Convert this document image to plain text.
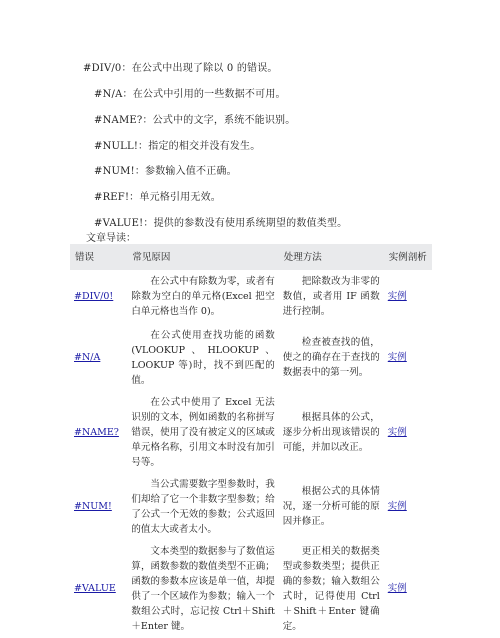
#DIV/0：在公式中出现了除以 0 的错误。
#N/A：在公式中引用的一些数据不可用。
#NAME?：公式中的文字，系统不能识别。
#NULL!：指定的相交并没有发生。
#NUM!：参数输入值不正确。
#REF!：单元格引用无效。
#VALUE!：提供的参数没有使用系统期望的数值类型。
文章导读：
错误	常见原因	处理方法	实例剖析
#DIV/0!	在公式中有除数为零，或者有除数为空白的单元格(Excel 把空白单元格也当作 0)。	把除数改为非零的数值，或者用 IF 函数进行控制。	实例
#N/A	在公式使用查找功能的函数(VLOOKUP、HLOOKUP、LOOKUP 等)时，找不到匹配的值。	检查被查找的值，使之的确存在于查找的数据表中的第一列。	实例
#NAME?	在公式中使用了 Excel 无法识别的文本，例如函数的名称拼写错误，使用了没有被定义的区域或单元格名称，引用文本时没有加引号等。	根据具体的公式，逐步分析出现该错误的可能，并加以改正。	实例
#NUM!	当公式需要数字型参数时，我们却给了它一个非数字型参数；给了公式一个无效的参数；公式返回的值太大或者太小。	根据公式的具体情况，逐一分析可能的原因并修正。	实例
#VALUE	文本类型的数据参与了数值运算，函数参数的数值类型不正确；函数的参数本应该是单一值，却提供了一个区域作为参数；输入一个数组公式时，忘记按 Ctrl＋Shift＋Enter 键。	更正相关的数据类型或参数类型；提供正确的参数；输入数组公式时，记得使用 Ctrl＋Shift＋Enter 键确定。	实例
